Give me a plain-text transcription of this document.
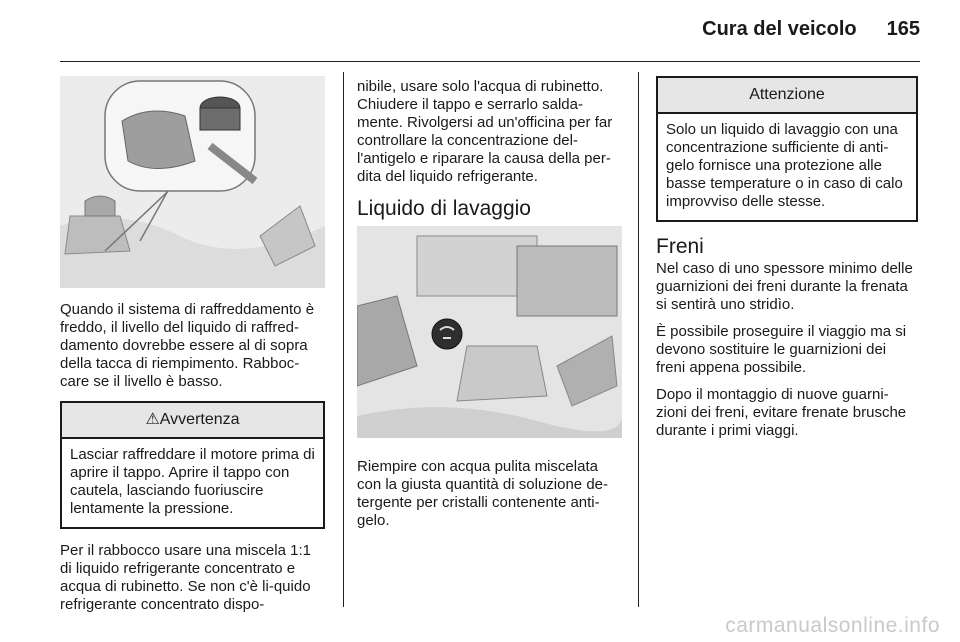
Cura del veicolo 165

Quando il sistema di raffreddamento è freddo, il livello del liquido di raffred-damento dovrebbe essere al di sopra della tacca di riempimento. Rabboc-care se il livello è basso.

⚠Avvertenza
Lasciar raffreddare il motore prima di aprire il tappo. Aprire il tappo con cautela, lasciando fuoriuscire lentamente la pressione.

Per il rabbocco usare una miscela 1:1 di liquido refrigerante concentrato e acqua di rubinetto. Se non c'è li-quido refrigerante concentrato dispo-

nibile, usare solo l'acqua di rubinetto. Chiudere il tappo e serrarlo salda-mente. Rivolgersi ad un'officina per far controllare la concentrazione del-l'antigelo e riparare la causa della per-dita del liquido refrigerante.

Liquido di lavaggio

Riempire con acqua pulita miscelata con la giusta quantità di soluzione de-tergente per cristalli contenente anti-gelo.

Attenzione
Solo un liquido di lavaggio con una concentrazione sufficiente di anti-gelo fornisce una protezione alle basse temperature o in caso di calo improvviso delle stesse.
Freni

Nel caso di uno spessore minimo delle guarnizioni dei freni durante la frenata si sentirà uno stridìo.

È possibile proseguire il viaggio ma si devono sostituire le guarnizioni dei freni appena possibile.

Dopo il montaggio di nuove guarni-zioni dei freni, evitare frenate brusche durante i primi viaggi.

carmanualsonline.info
